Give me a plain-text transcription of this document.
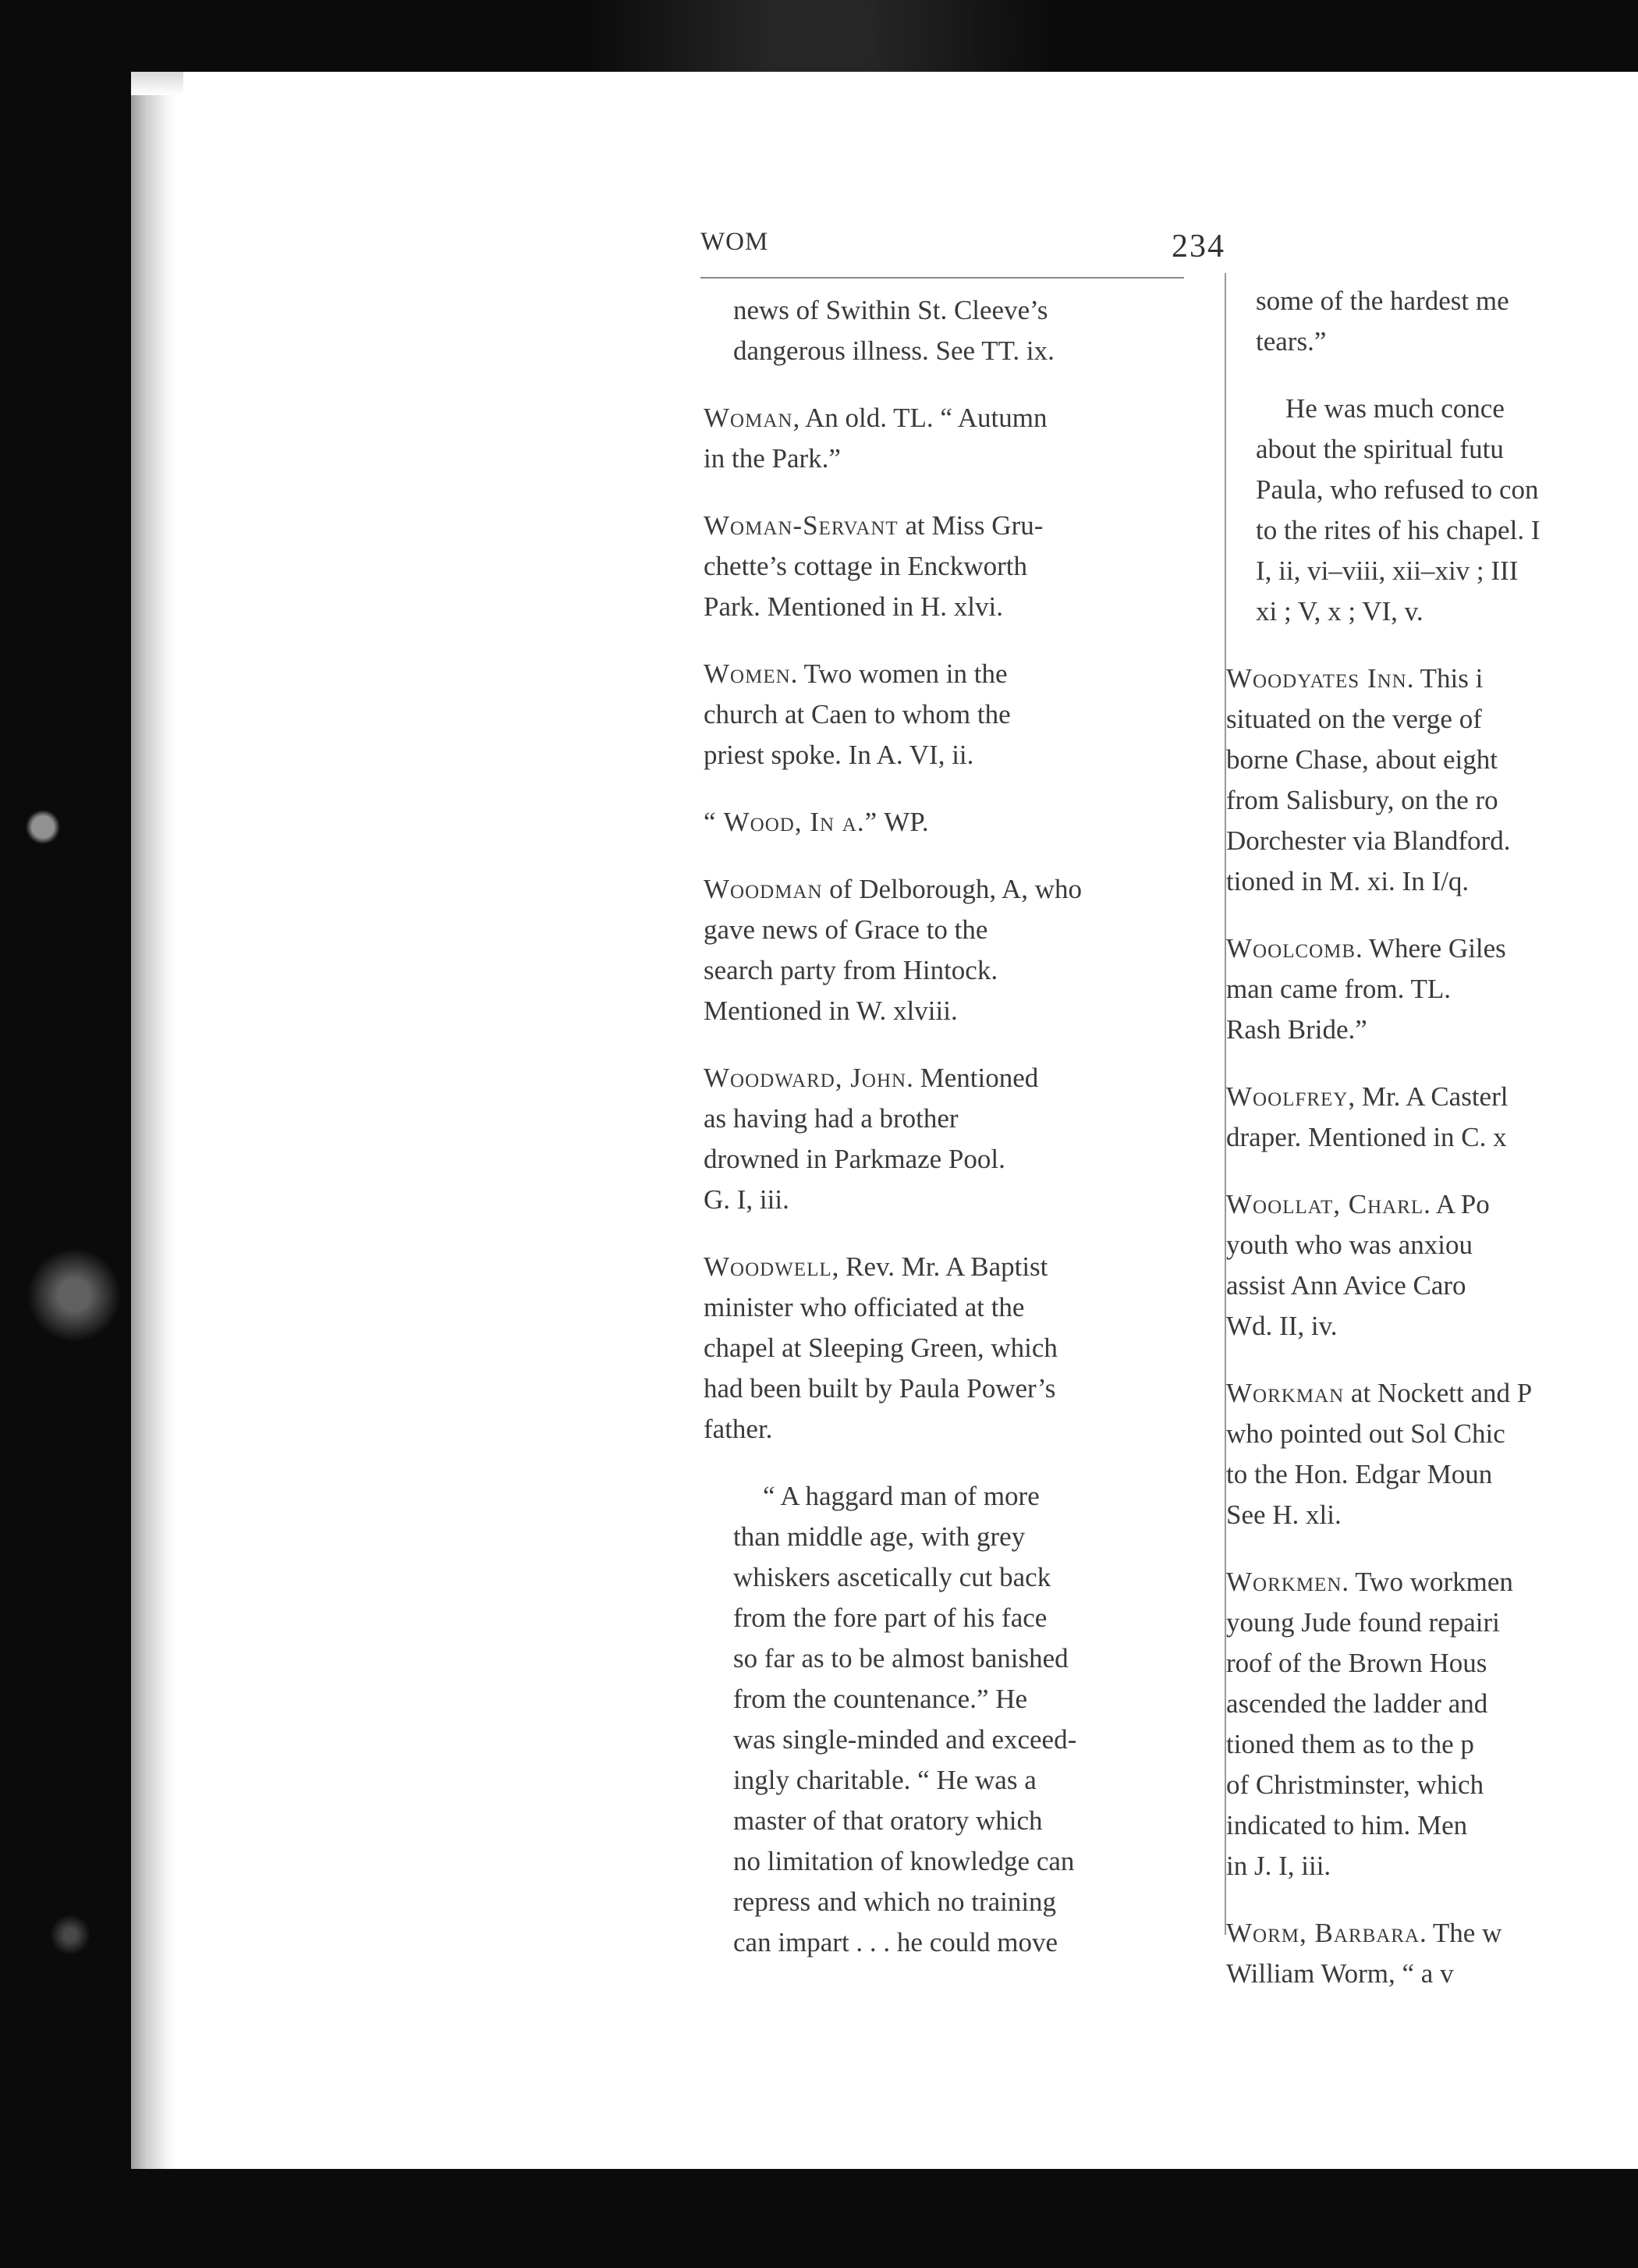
WOM	234
news of Swithin St. Cleeve’s
dangerous illness. See TT. ix.
Woman, An old. TL. “ Autumn
in the Park.”
Woman-Servant at Miss Gru-
chette’s cottage in Enckworth
Park. Mentioned in H. xlvi.
Women. Two women in the
church at Caen to whom the
priest spoke. In A. VI, ii.
“ Wood, In a.” WP.
Woodman of Delborough, A, who
gave news of Grace to the
search party from Hintock.
Mentioned in W. xlviii.
Woodward, John. Mentioned
as having had a brother
drowned in Parkmaze Pool.
G. I, iii.
Woodwell, Rev. Mr. A Baptist
minister who officiated at the
chapel at Sleeping Green, which
had been built by Paula Power’s
father.
“ A haggard man of more
than middle age, with grey
whiskers ascetically cut back
from the fore part of his face
so far as to be almost banished
from the countenance.” He
was single-minded and exceed-
ingly charitable. “ He was a
master of that oratory which
no limitation of knowledge can
repress and which no training
can impart . . . he could move
some of the hardest me
tears.”
He was much conce
about the spiritual futu
Paula, who refused to con
to the rites of his chapel. I
I, ii, vi–viii, xii–xiv ; III
xi ; V, x ; VI, v.
Woodyates Inn. This i
situated on the verge of
borne Chase, about eight
from Salisbury, on the ro
Dorchester via Blandford.
tioned in M. xi. In I/q.
Woolcomb. Where Giles
man came from. TL.
Rash Bride.”
Woolfrey, Mr. A Casterl
draper. Mentioned in C. x
Woollat, Charl. A Po
youth who was anxiou
assist Ann Avice Caro
Wd. II, iv.
Workman at Nockett and P
who pointed out Sol Chic
to the Hon. Edgar Moun
See H. xli.
Workmen. Two workmen
young Jude found repairi
roof of the Brown Hous
ascended the ladder and
tioned them as to the p
of Christminster, which
indicated to him. Men
in J. I, iii.
Worm, Barbara. The w
William Worm, “ a v
